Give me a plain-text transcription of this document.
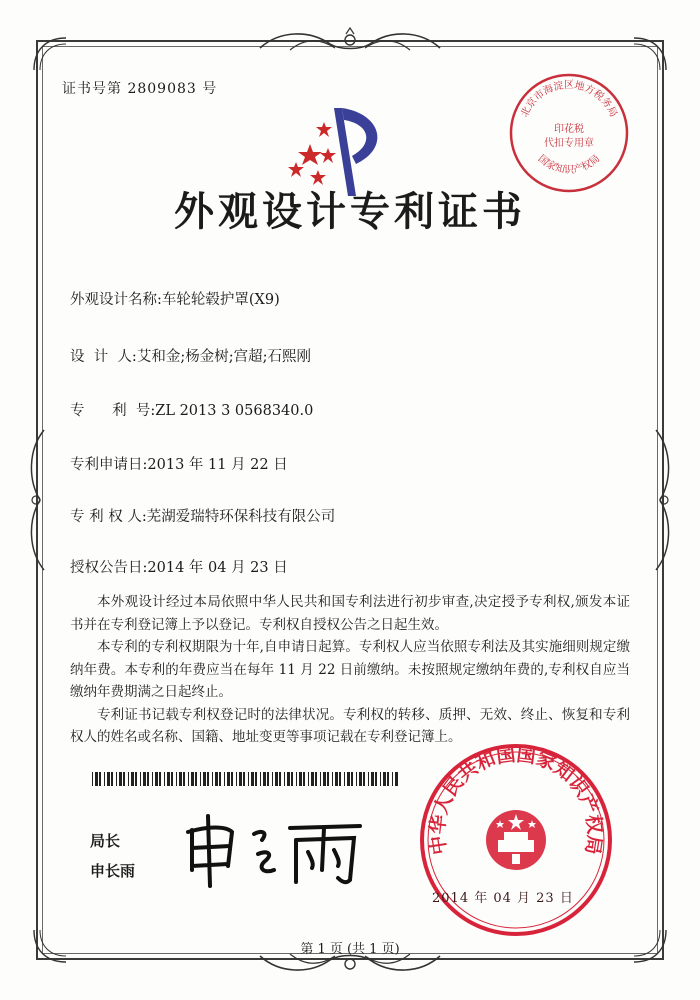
证书号第 2809083 号
外观设计专利证书
北京市海淀区地方税务局
印花税
代扣专用章
国家知识产权局
外观设计名称:车轮轮毂护罩(X9)
设  计  人:艾和金;杨金树;宫超;石熙刚
专      利  号:ZL 2013 3 0568340.0
专利申请日:2013 年 11 月 22 日
专 利 权 人:芜湖爱瑞特环保科技有限公司
授权公告日:2014 年 04 月 23 日

本外观设计经过本局依照中华人民共和国专利法进行初步审查,决定授予专利权,颁发本证书并在专利登记簿上予以登记。专利权自授权公告之日起生效。

本专利的专利权期限为十年,自申请日起算。专利权人应当依照专利法及其实施细则规定缴纳年费。本专利的年费应当在每年 11 月 22 日前缴纳。未按照规定缴纳年费的,专利权自应当缴纳年费期满之日起终止。

专利证书记载专利权登记时的法律状况。专利权的转移、质押、无效、终止、恢复和专利权人的姓名或名称、国籍、地址变更等事项记载在专利登记簿上。

局长
申长雨
中华人民共和国国家知识产权局
2014 年 04 月 23 日
第 1 页 (共 1 页)
